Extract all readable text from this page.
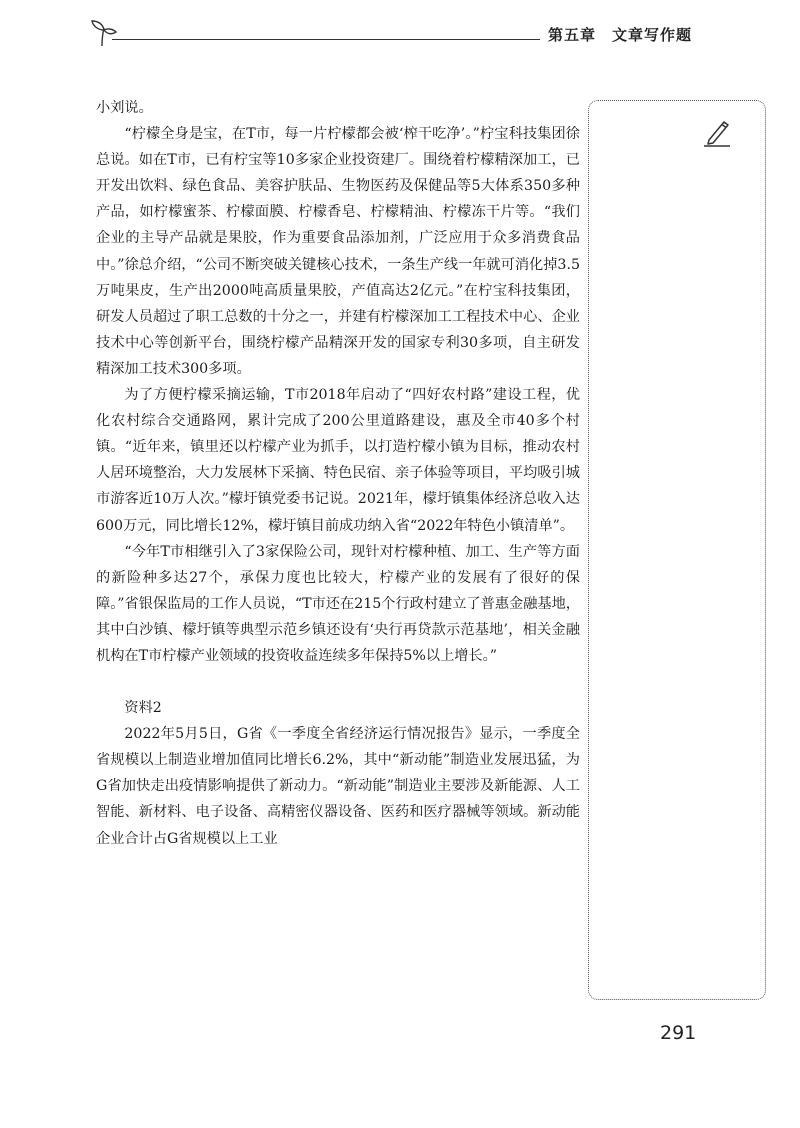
第五章 文章写作题

小刘说。

“柠檬全身是宝，在T市，每一片柠檬都会被‘榨干吃净’。”柠宝科技集团徐总说。如在T市，已有柠宝等10多家企业投资建厂。围绕着柠檬精深加工，已开发出饮料、绿色食品、美容护肤品、生物医药及保健品等5大体系350多种产品，如柠檬蜜茶、柠檬面膜、柠檬香皂、柠檬精油、柠檬冻干片等。“我们企业的主导产品就是果胶，作为重要食品添加剂，广泛应用于众多消费食品中。”徐总介绍，“公司不断突破关键核心技术，一条生产线一年就可消化掉3.5万吨果皮，生产出2000吨高质量果胶，产值高达2亿元。”在柠宝科技集团，研发人员超过了职工总数的十分之一，并建有柠檬深加工工程技术中心、企业技术中心等创新平台，围绕柠檬产品精深开发的国家专利30多项，自主研发精深加工技术300多项。

为了方便柠檬采摘运输，T市2018年启动了“四好农村路”建设工程，优化农村综合交通路网，累计完成了200公里道路建设，惠及全市40多个村镇。“近年来，镇里还以柠檬产业为抓手，以打造柠檬小镇为目标，推动农村人居环境整治，大力发展林下采摘、特色民宿、亲子体验等项目，平均吸引城市游客近10万人次。”檬圩镇党委书记说。2021年，檬圩镇集体经济总收入达600万元，同比增长12%，檬圩镇目前成功纳入省“2022年特色小镇清单”。

“今年T市相继引入了3家保险公司，现针对柠檬种植、加工、生产等方面的新险种多达27个，承保力度也比较大，柠檬产业的发展有了很好的保障。”省银保监局的工作人员说，“T市还在215个行政村建立了普惠金融基地，其中白沙镇、檬圩镇等典型示范乡镇还设有‘央行再贷款示范基地’，相关金融机构在T市柠檬产业领域的投资收益连续多年保持5%以上增长。”

资料2

2022年5月5日，G省《一季度全省经济运行情况报告》显示，一季度全省规模以上制造业增加值同比增长6.2%，其中“新动能”制造业发展迅猛，为G省加快走出疫情影响提供了新动力。“新动能”制造业主要涉及新能源、人工智能、新材料、电子设备、高精密仪器设备、医药和医疗器械等领域。新动能企业合计占G省规模以上工业

291
